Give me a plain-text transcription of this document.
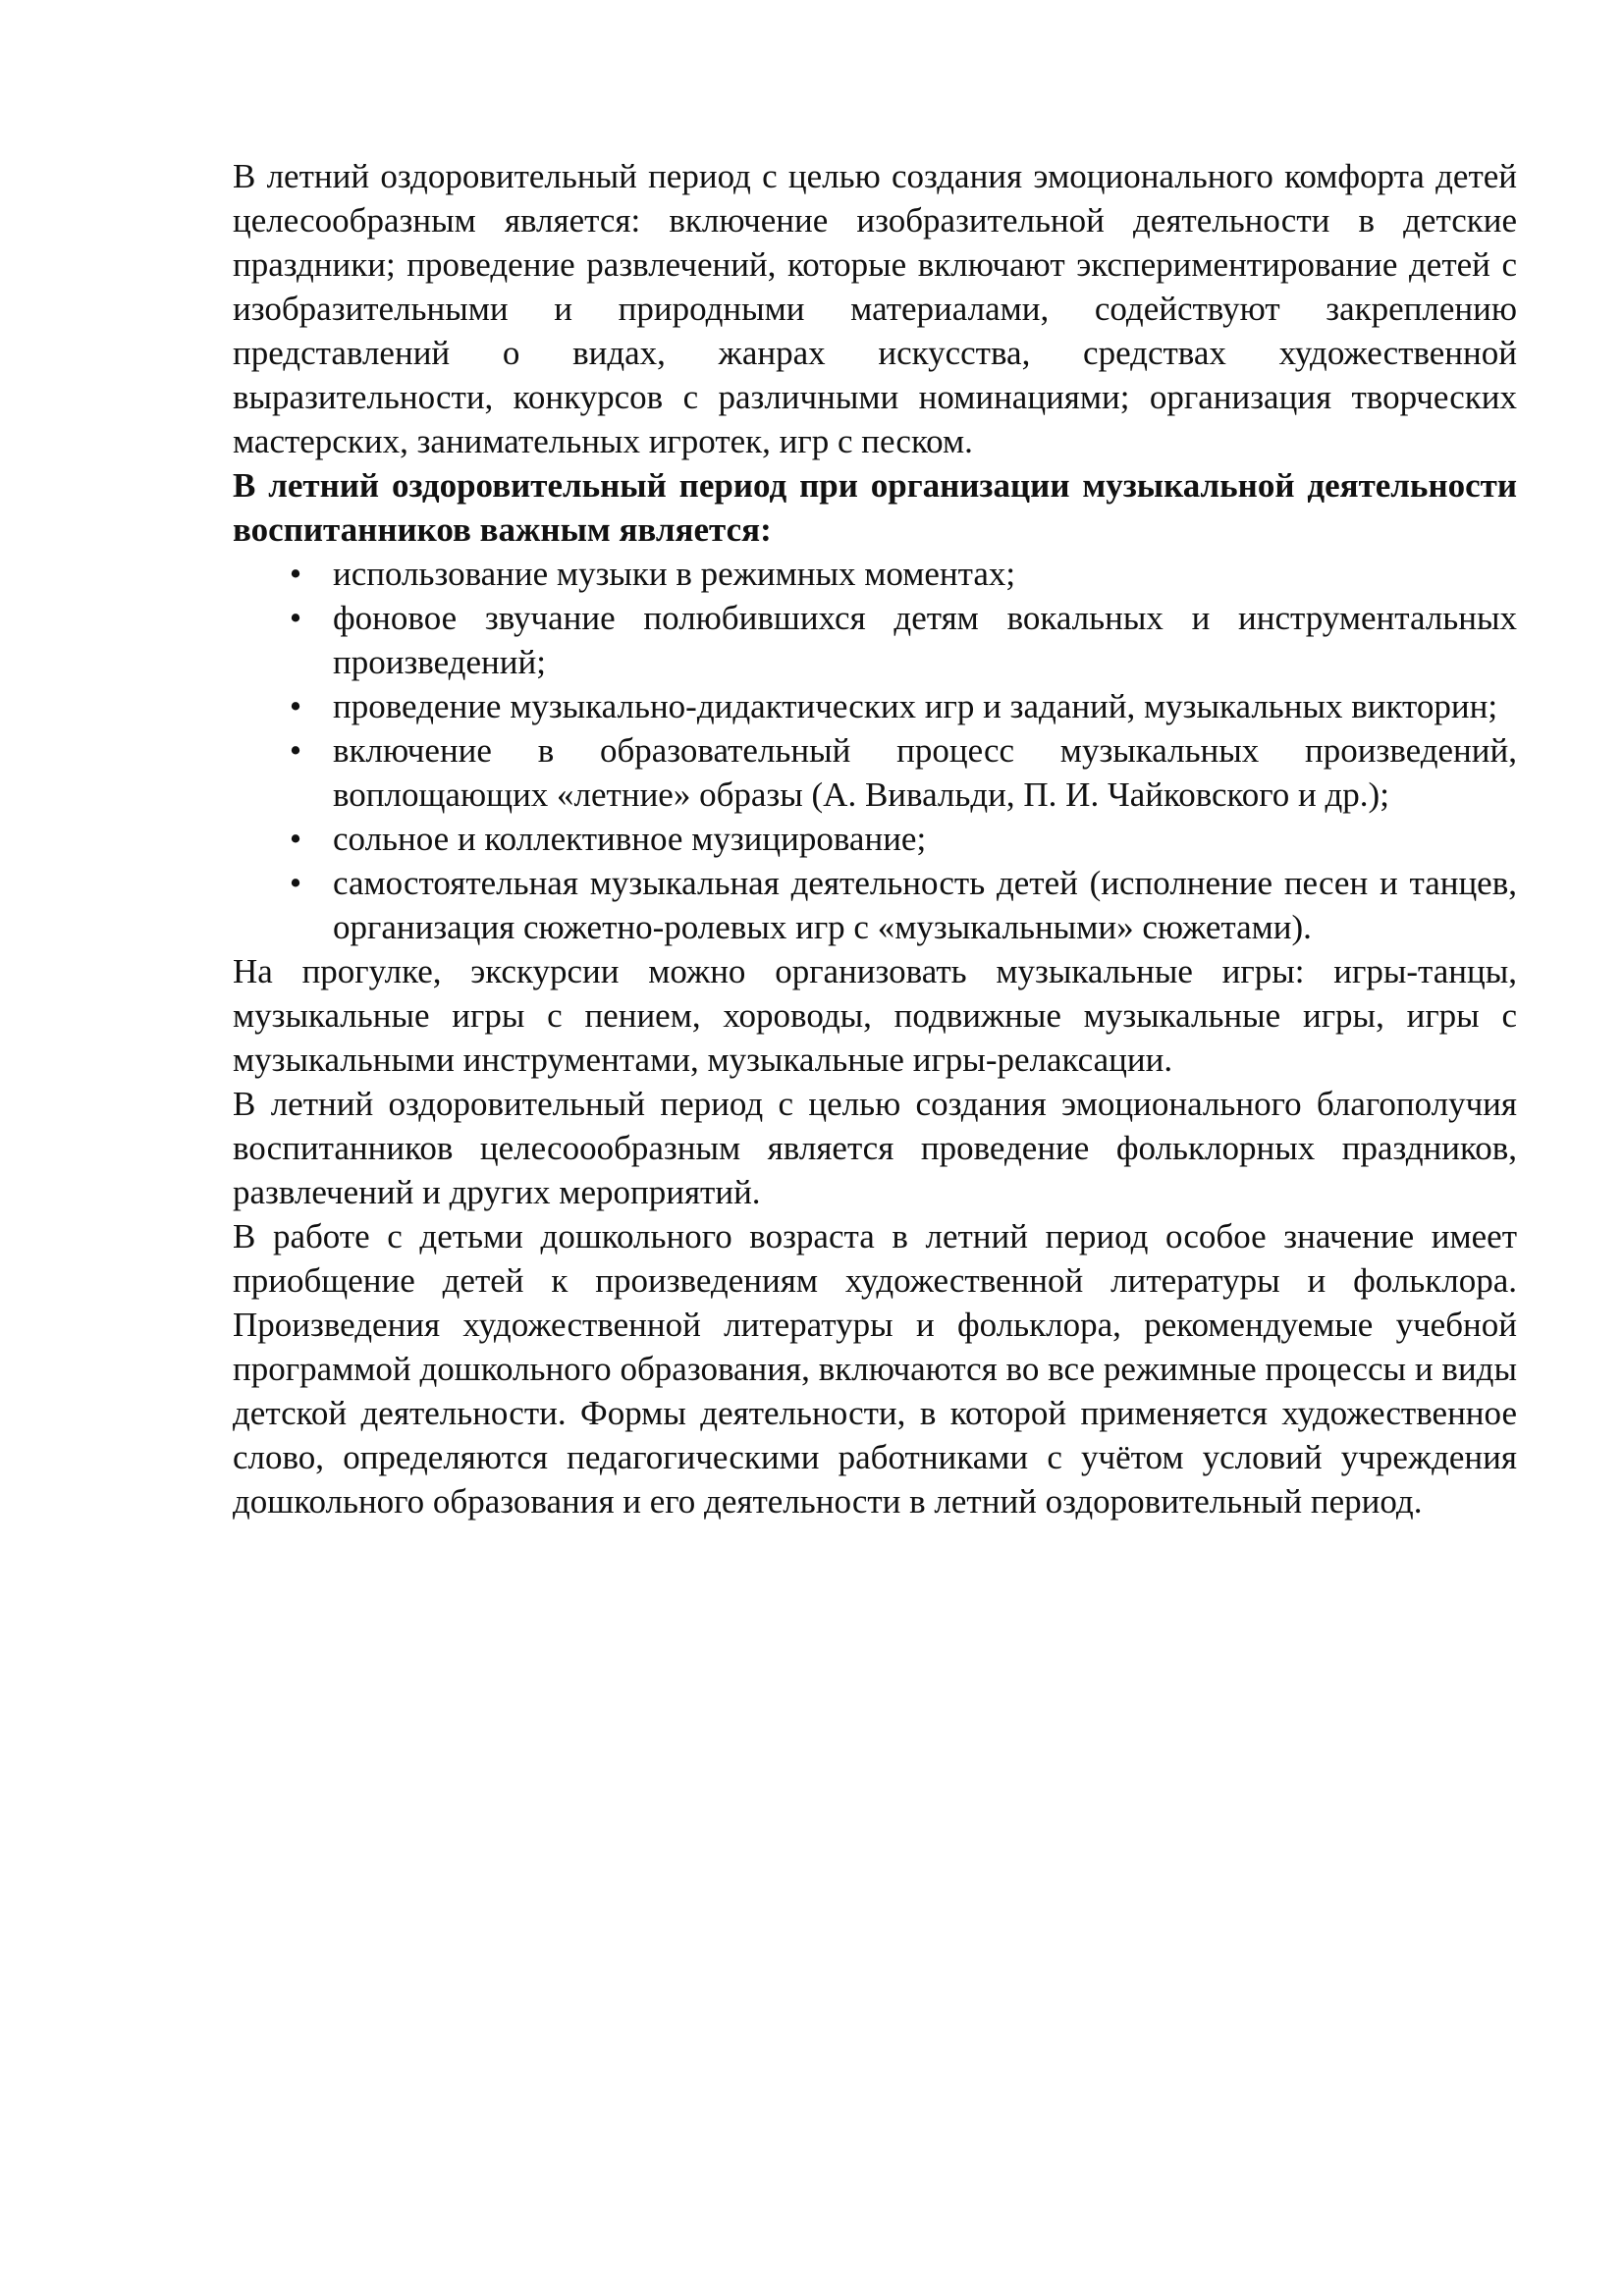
В летний оздоровительный период с целью создания эмоционального комфорта детей целесообразным является: включение изобразительной деятельности в детские праздники; проведение развлечений, которые включают экспериментирование детей с изобразительными и природными материалами, содействуют закреплению представлений о видах, жанрах искусства, средствах художественной выразительности, конкурсов с различными номинациями; организация творческих мастерских, занимательных игротек, игр с песком.

В летний оздоровительный период при организации музыкальной деятельности воспитанников важным является:

• использование музыки в режимных моментах;
• фоновое звучание полюбившихся детям вокальных и инструментальных произведений;
• проведение музыкально-дидактических игр и заданий, музыкальных викторин;
• включение в образовательный процесс музыкальных произведений, воплощающих «летние» образы (А. Вивальди, П. И. Чайковского и др.);
• сольное и коллективное музицирование;
• самостоятельная музыкальная деятельность детей (исполнение песен и танцев, организация сюжетно-ролевых игр с «музыкальными» сюжетами).

На прогулке, экскурсии можно организовать музыкальные игры: игры-танцы, музыкальные игры с пением, хороводы, подвижные музыкальные игры, игры с музыкальными инструментами, музыкальные игры-релаксации.

В летний оздоровительный период с целью создания эмоционального благополучия воспитанников целесоообразным является проведение фольклорных праздников, развлечений и других мероприятий.

В работе с детьми дошкольного возраста в летний период особое значение имеет приобщение детей к произведениям художественной литературы и фольклора. Произведения художественной литературы и фольклора, рекомендуемые учебной программой дошкольного образования, включаются во все режимные процессы и виды детской деятельности. Формы деятельности, в которой применяется художественное слово, определяются педагогическими работниками с учётом условий учреждения дошкольного образования и его деятельности в летний оздоровительный период.
